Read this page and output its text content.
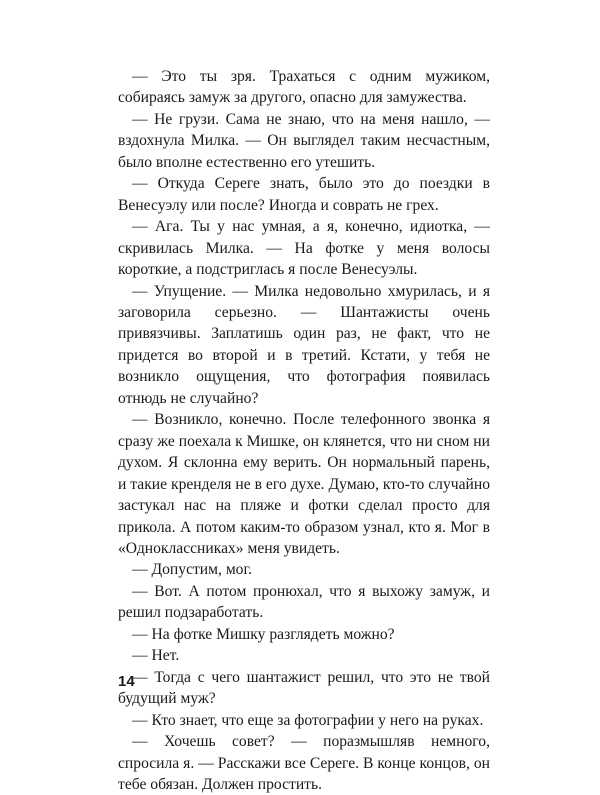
— Это ты зря. Трахаться с одним мужиком, собираясь замуж за другого, опасно для замужества.

— Не грузи. Сама не знаю, что на меня нашло, — вздохнула Милка. — Он выглядел таким несчастным, было вполне естественно его утешить.

— Откуда Сереге знать, было это до поездки в Венесуэлу или после? Иногда и соврать не грех.

— Ага. Ты у нас умная, а я, конечно, идиотка, — скривилась Милка. — На фотке у меня волосы короткие, а подстриглась я после Венесуэлы.

— Упущение. — Милка недовольно хмурилась, и я заговорила серьезно. — Шантажисты очень привязчивы. Заплатишь один раз, не факт, что не придется во второй и в третий. Кстати, у тебя не возникло ощущения, что фотография появилась отнюдь не случайно?

— Возникло, конечно. После телефонного звонка я сразу же поехала к Мишке, он клянется, что ни сном ни духом. Я склонна ему верить. Он нормальный парень, и такие кренделя не в его духе. Думаю, кто-то случайно застукал нас на пляже и фотки сделал просто для прикола. А потом каким-то образом узнал, кто я. Мог в «Одноклассниках» меня увидеть.

— Допустим, мог.

— Вот. А потом пронюхал, что я выхожу замуж, и решил подзаработать.

— На фотке Мишку разглядеть можно?

— Нет.

— Тогда с чего шантажист решил, что это не твой будущий муж?

— Кто знает, что еще за фотографии у него на руках.

— Хочешь совет? — поразмышляв немного, спросила я. — Расскажи все Сереге. В конце концов, он тебе обязан. Должен простить.

14
